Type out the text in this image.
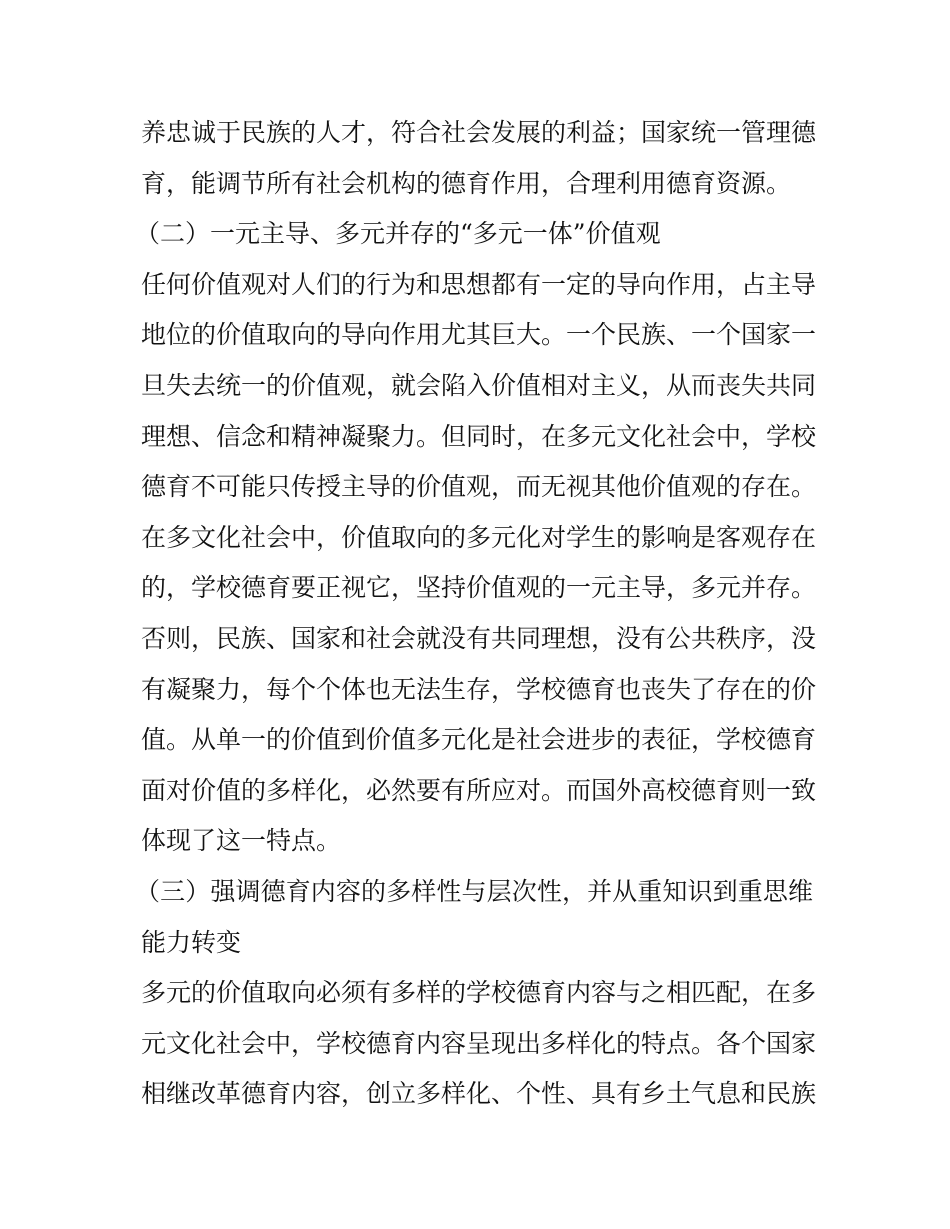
养忠诚于民族的人才，符合社会发展的利益；国家统一管理德
育，能调节所有社会机构的德育作用，合理利用德育资源。
（二）一元主导、多元并存的“多元一体”价值观
任何价值观对人们的行为和思想都有一定的导向作用，占主导
地位的价值取向的导向作用尤其巨大。一个民族、一个国家一
旦失去统一的价值观，就会陷入价值相对主义，从而丧失共同
理想、信念和精神凝聚力。但同时，在多元文化社会中，学校
德育不可能只传授主导的价值观，而无视其他价值观的存在。
在多文化社会中，价值取向的多元化对学生的影响是客观存在
的，学校德育要正视它，坚持价值观的一元主导，多元并存。
否则，民族、国家和社会就没有共同理想，没有公共秩序，没
有凝聚力，每个个体也无法生存，学校德育也丧失了存在的价
值。从单一的价值到价值多元化是社会进步的表征，学校德育
面对价值的多样化，必然要有所应对。而国外高校德育则一致
体现了这一特点。
（三）强调德育内容的多样性与层次性，并从重知识到重思维
能力转变
多元的价值取向必须有多样的学校德育内容与之相匹配，在多
元文化社会中，学校德育内容呈现出多样化的特点。各个国家
相继改革德育内容，创立多样化、个性、具有乡土气息和民族
